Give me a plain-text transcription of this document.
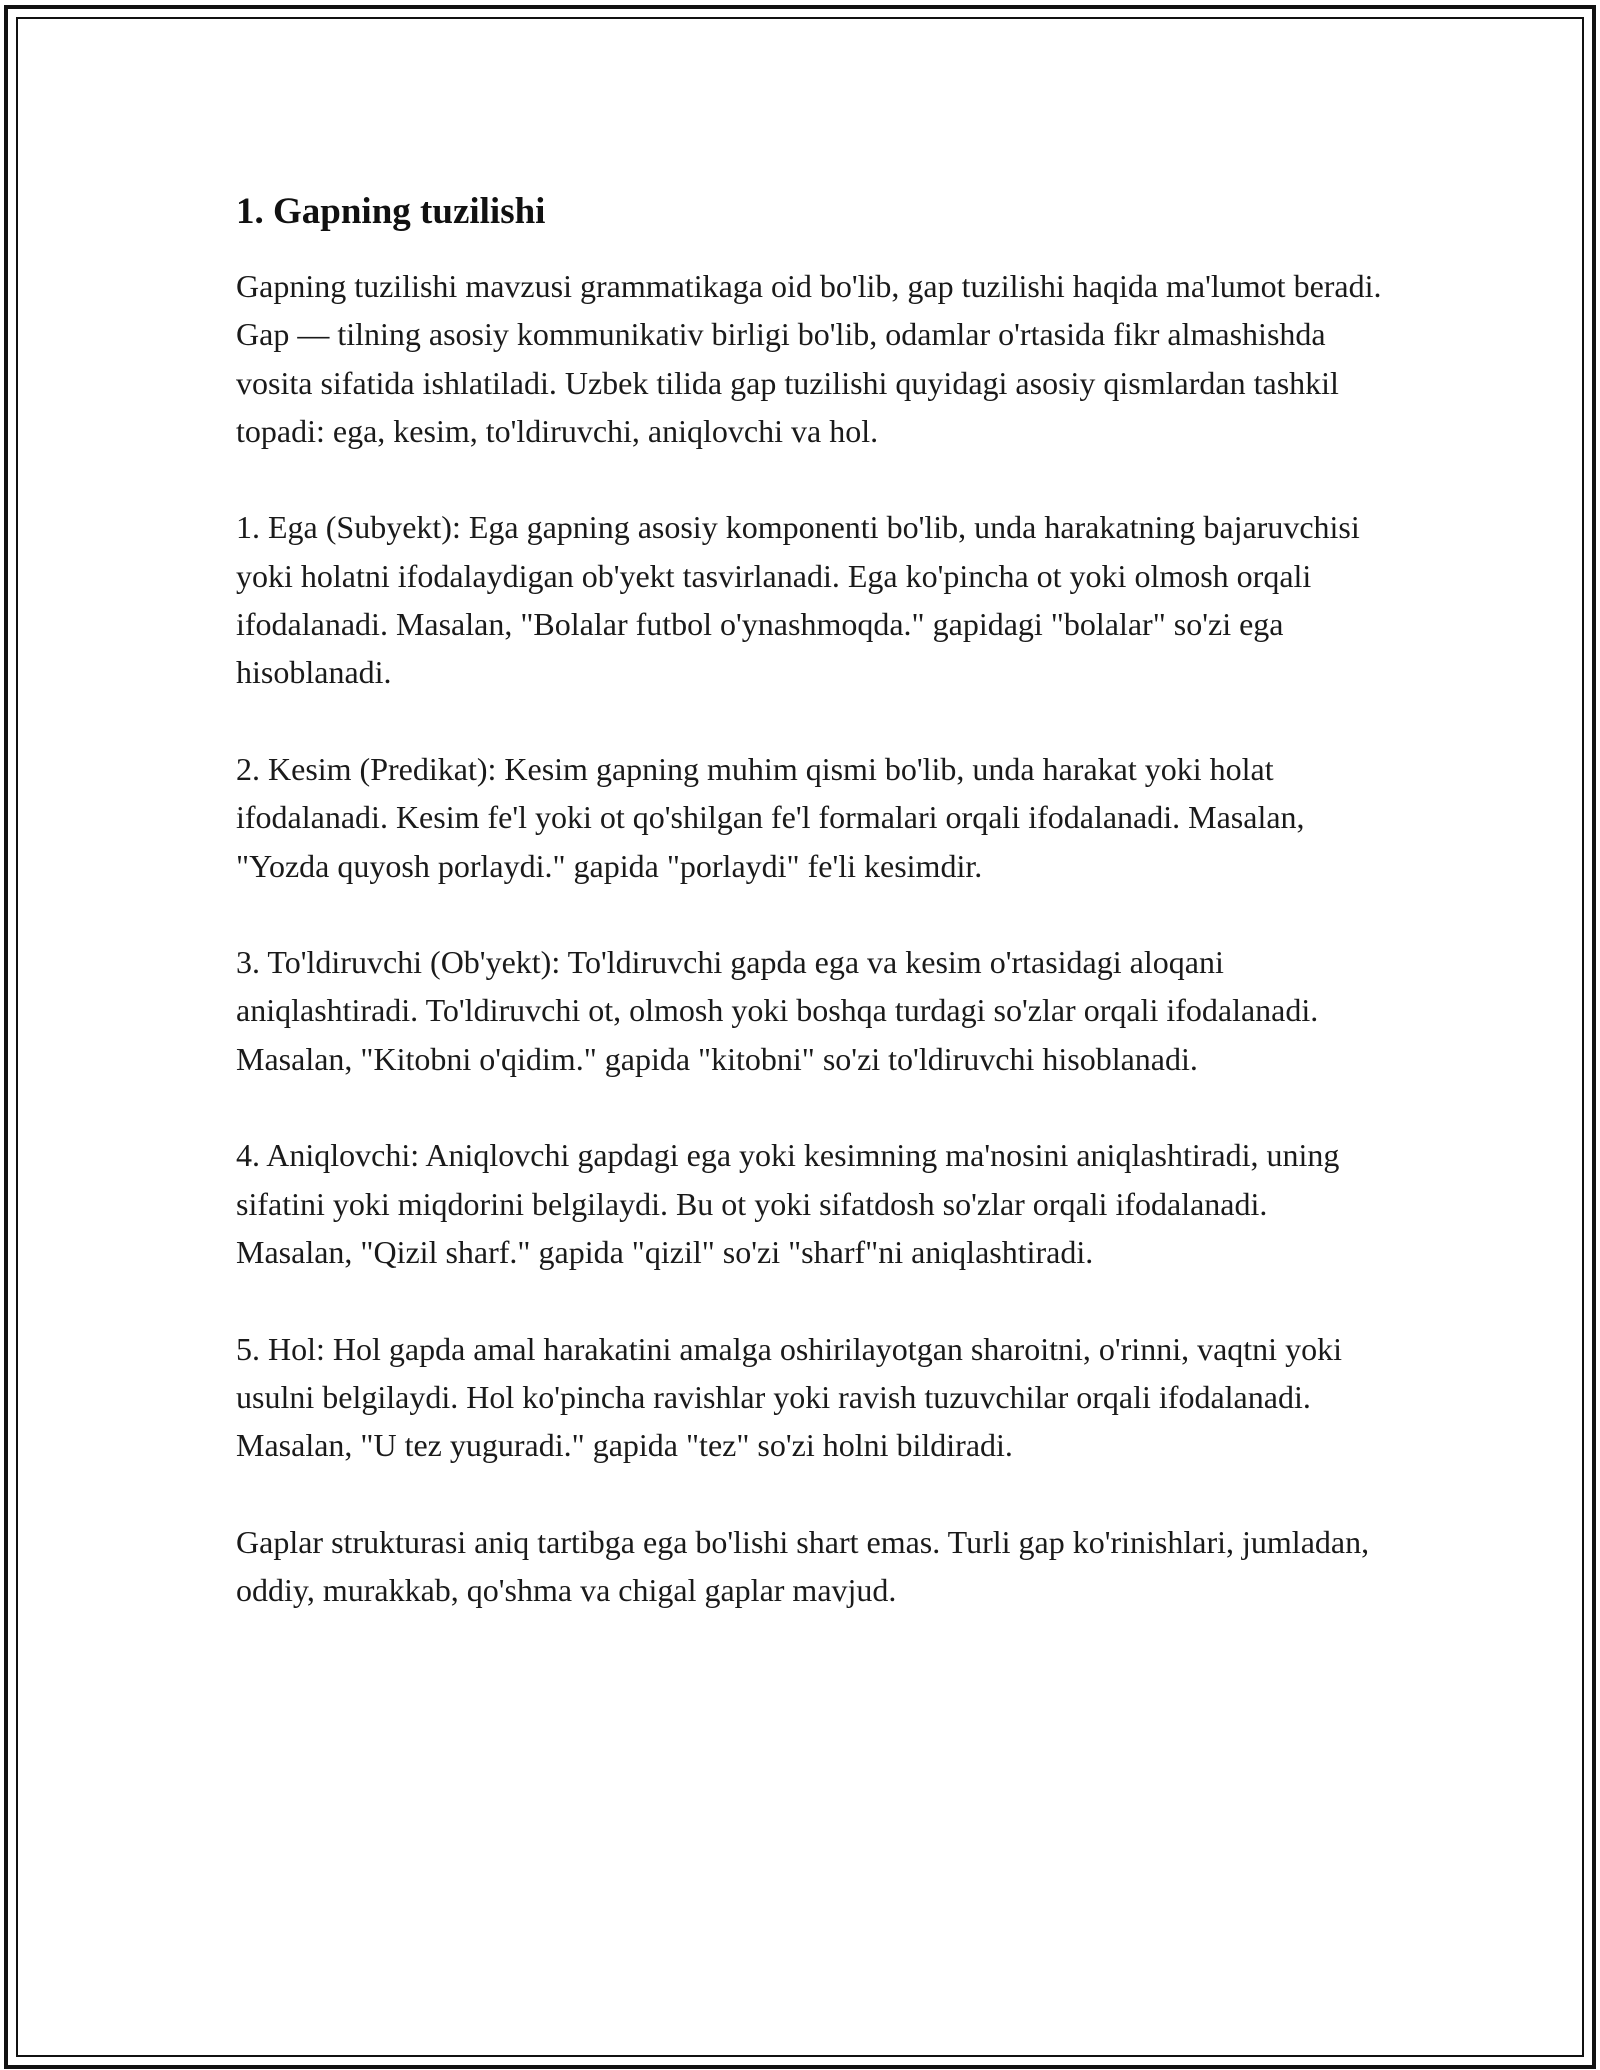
1. Gapning tuzilishi

Gapning tuzilishi mavzusi grammatikaga oid bo'lib, gap tuzilishi haqida ma'lumot beradi. Gap — tilning asosiy kommunikativ birligi bo'lib, odamlar o'rtasida fikr almashishda vosita sifatida ishlatiladi. Uzbek tilida gap tuzilishi quyidagi asosiy qismlardan tashkil topadi: ega, kesim, to'ldiruvchi, aniqlovchi va hol.

1. Ega (Subyekt): Ega gapning asosiy komponenti bo'lib, unda harakatning bajaruvchisi yoki holatni ifodalaydigan ob'yekt tasvirlanadi. Ega ko'pincha ot yoki olmosh orqali ifodalanadi. Masalan, "Bolalar futbol o'ynashmoqda." gapidagi "bolalar" so'zi ega hisoblanadi.

2. Kesim (Predikat): Kesim gapning muhim qismi bo'lib, unda harakat yoki holat ifodalanadi. Kesim fe'l yoki ot qo'shilgan fe'l formalari orqali ifodalanadi. Masalan, "Yozda quyosh porlaydi." gapida "porlaydi" fe'li kesimdir.

3. To'ldiruvchi (Ob'yekt): To'ldiruvchi gapda ega va kesim o'rtasidagi aloqani aniqlashtiradi. To'ldiruvchi ot, olmosh yoki boshqa turdagi so'zlar orqali ifodalanadi. Masalan, "Kitobni o'qidim." gapida "kitobni" so'zi to'ldiruvchi hisoblanadi.

4. Aniqlovchi: Aniqlovchi gapdagi ega yoki kesimning ma'nosini aniqlashtiradi, uning sifatini yoki miqdorini belgilaydi. Bu ot yoki sifatdosh so'zlar orqali ifodalanadi. Masalan, "Qizil sharf." gapida "qizil" so'zi "sharf"ni aniqlashtiradi.

5. Hol: Hol gapda amal harakatini amalga oshirilayotgan sharoitni, o'rinni, vaqtni yoki usulni belgilaydi. Hol ko'pincha ravishlar yoki ravish tuzuvchilar orqali ifodalanadi. Masalan, "U tez yuguradi." gapida "tez" so'zi holni bildiradi.

Gaplar strukturasi aniq tartibga ega bo'lishi shart emas. Turli gap ko'rinishlari, jumladan, oddiy, murakkab, qo'shma va chigal gaplar mavjud.
